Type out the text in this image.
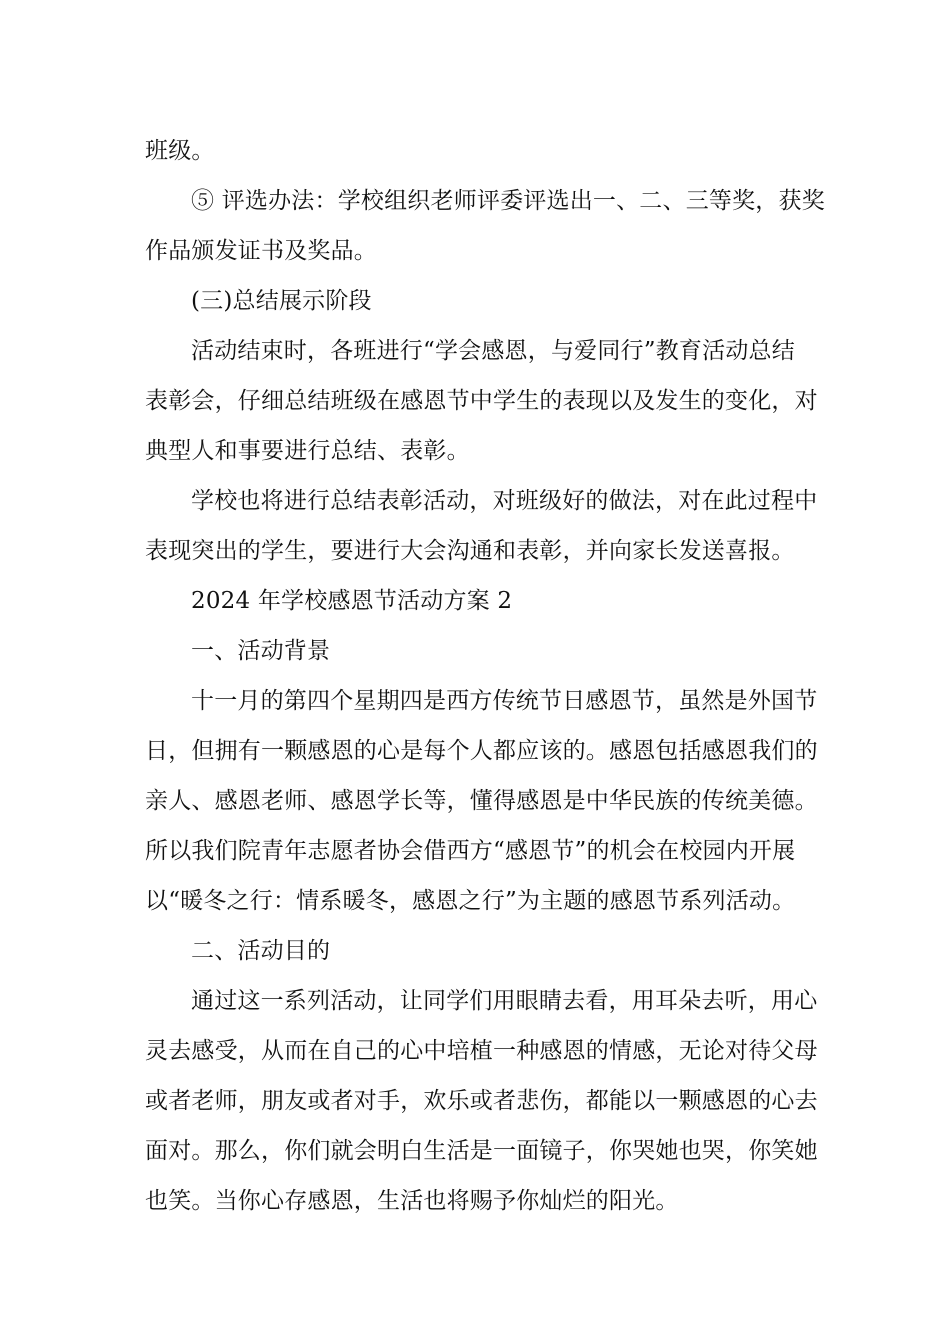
班级。
⑤ 评选办法：学校组织老师评委评选出一、二、三等奖，获奖
作品颁发证书及奖品。
(三)总结展示阶段
活动结束时，各班进行“学会感恩，与爱同行”教育活动总结
表彰会，仔细总结班级在感恩节中学生的表现以及发生的变化，对
典型人和事要进行总结、表彰。
学校也将进行总结表彰活动，对班级好的做法，对在此过程中
表现突出的学生，要进行大会沟通和表彰，并向家长发送喜报。
2024 年学校感恩节活动方案 2
一、活动背景
十一月的第四个星期四是西方传统节日感恩节，虽然是外国节
日，但拥有一颗感恩的心是每个人都应该的。感恩包括感恩我们的
亲人、感恩老师、感恩学长等，懂得感恩是中华民族的传统美德。
所以我们院青年志愿者协会借西方“感恩节”的机会在校园内开展
以“暖冬之行：情系暖冬，感恩之行”为主题的感恩节系列活动。
二、活动目的
通过这一系列活动，让同学们用眼睛去看，用耳朵去听，用心
灵去感受，从而在自己的心中培植一种感恩的情感，无论对待父母
或者老师，朋友或者对手，欢乐或者悲伤，都能以一颗感恩的心去
面对。那么，你们就会明白生活是一面镜子，你哭她也哭，你笑她
也笑。当你心存感恩，生活也将赐予你灿烂的阳光。
